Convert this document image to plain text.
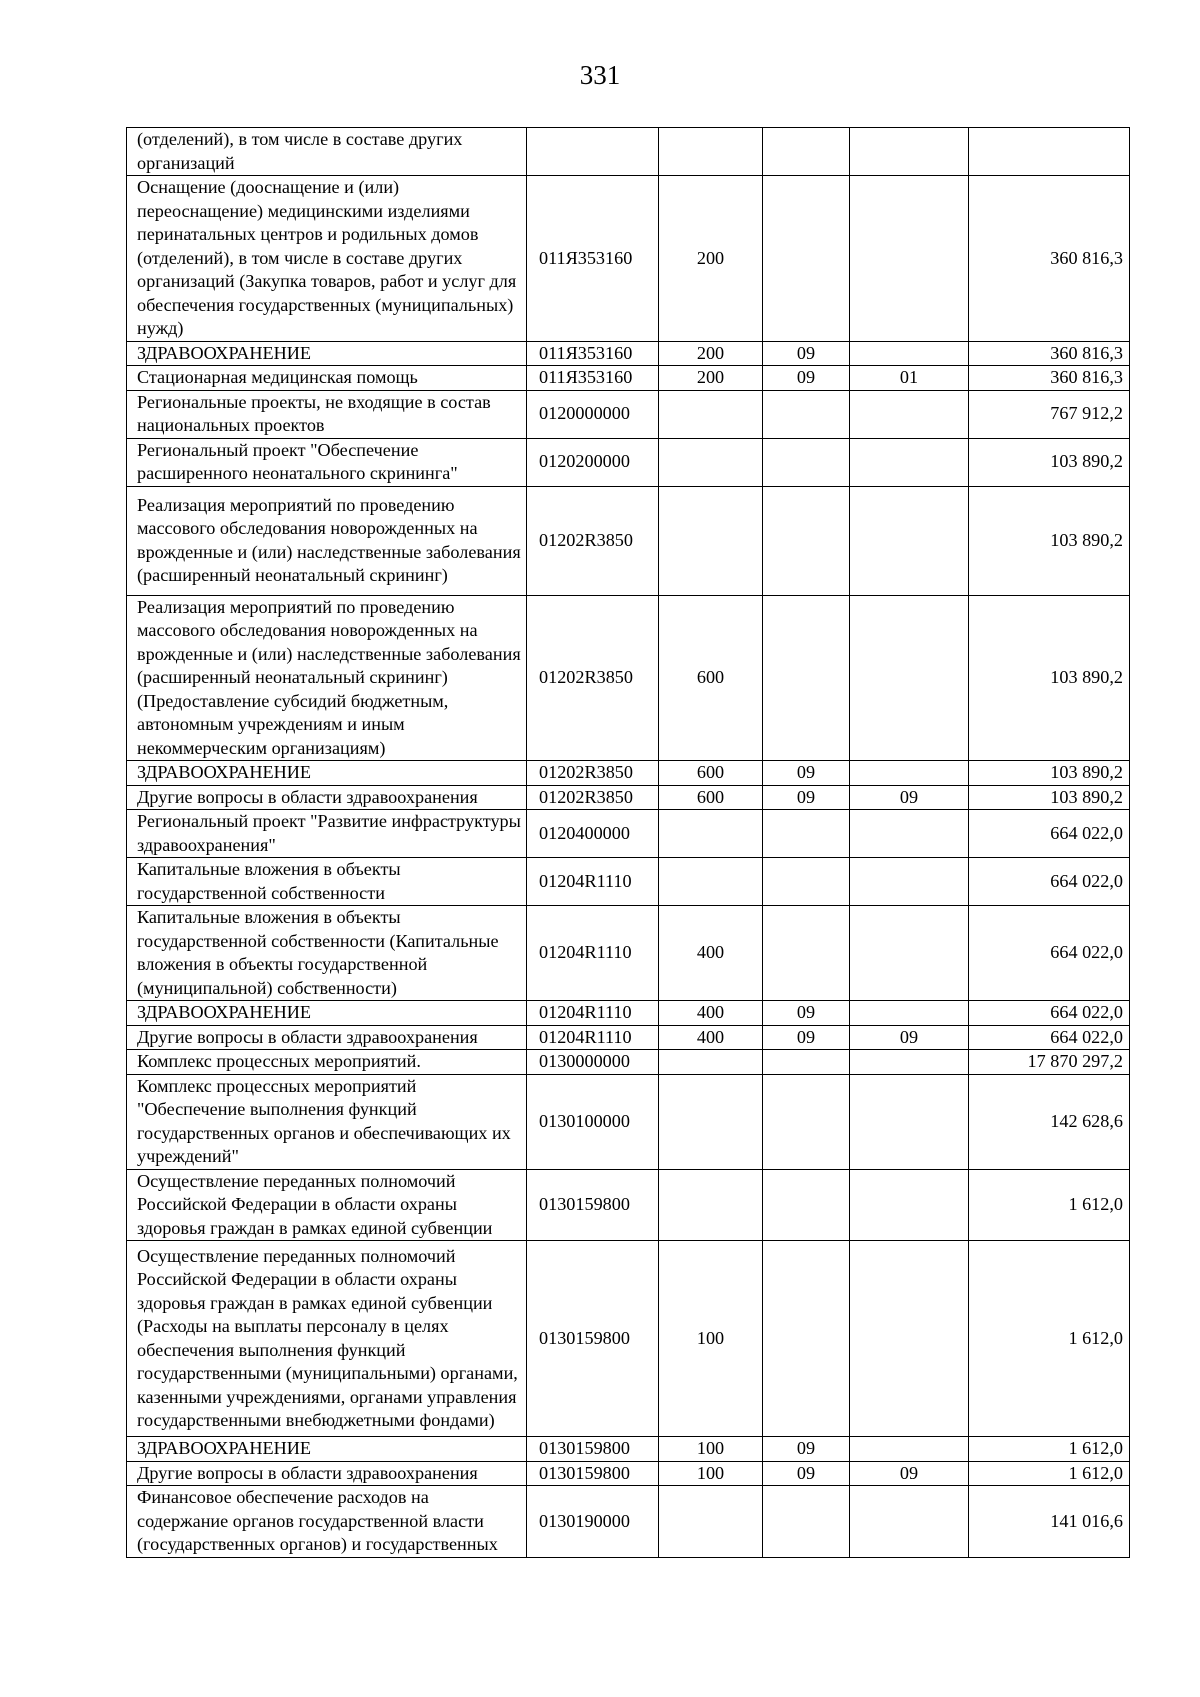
331
(отделений), в том числе в составе других организаций					
Оснащение (дооснащение и (или) переоснащение) медицинскими изделиями перинатальных центров и родильных домов (отделений), в том числе в составе других организаций (Закупка товаров, работ и услуг для обеспечения государственных (муниципальных) нужд)	011Я353160	200			360 816,3
ЗДРАВООХРАНЕНИЕ	011Я353160	200	09		360 816,3
Стационарная медицинская помощь	011Я353160	200	09	01	360 816,3
Региональные проекты, не входящие в состав национальных проектов	0120000000				767 912,2
Региональный проект "Обеспечение расширенного неонатального скрининга"	0120200000				103 890,2
Реализация мероприятий по проведению массового обследования новорожденных на врожденные и (или) наследственные заболевания (расширенный неонатальный скрининг)	01202R3850				103 890,2
Реализация мероприятий по проведению массового обследования новорожденных на врожденные и (или) наследственные заболевания (расширенный неонатальный скрининг) (Предоставление субсидий бюджетным, автономным учреждениям и иным некоммерческим организациям)	01202R3850	600			103 890,2
ЗДРАВООХРАНЕНИЕ	01202R3850	600	09		103 890,2
Другие вопросы в области здравоохранения	01202R3850	600	09	09	103 890,2
Региональный проект "Развитие инфраструктуры здравоохранения"	0120400000				664 022,0
Капитальные вложения в объекты государственной собственности	01204R1110				664 022,0
Капитальные вложения в объекты государственной собственности (Капитальные вложения в объекты государственной (муниципальной) собственности)	01204R1110	400			664 022,0
ЗДРАВООХРАНЕНИЕ	01204R1110	400	09		664 022,0
Другие вопросы в области здравоохранения	01204R1110	400	09	09	664 022,0
Комплекс процессных мероприятий.	0130000000				17 870 297,2
Комплекс процессных мероприятий "Обеспечение выполнения функций государственных органов и обеспечивающих их учреждений"	0130100000				142 628,6
Осуществление переданных полномочий Российской Федерации в области охраны здоровья граждан в рамках единой субвенции	0130159800				1 612,0
Осуществление переданных полномочий Российской Федерации в области охраны здоровья граждан в рамках единой субвенции (Расходы на выплаты персоналу в целях обеспечения выполнения функций государственными (муниципальными) органами, казенными учреждениями, органами управления государственными внебюджетными фондами)	0130159800	100			1 612,0
ЗДРАВООХРАНЕНИЕ	0130159800	100	09		1 612,0
Другие вопросы в области здравоохранения	0130159800	100	09	09	1 612,0
Финансовое обеспечение расходов на содержание органов государственной власти (государственных органов) и государственных	0130190000				141 016,6
